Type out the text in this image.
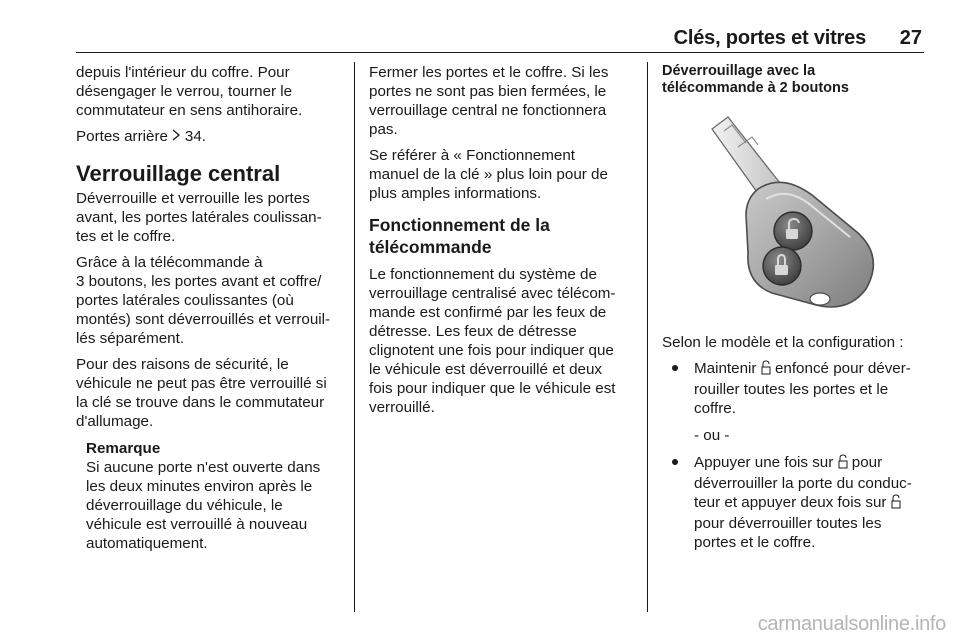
Clés, portes et vitres 27
depuis l'intérieur du coffre. Pour
désengager le verrou, tourner le
commutateur en sens antihoraire.
Portes arrière 34.
Verrouillage central
Déverrouille et verrouille les portes
avant, les portes latérales coulissan-
tes et le coffre.
Grâce à la télécommande à
3 boutons, les portes avant et coffre/
portes latérales coulissantes (où
montés) sont déverrouillés et verrouil-
lés séparément.
Pour des raisons de sécurité, le
véhicule ne peut pas être verrouillé si
la clé se trouve dans le commutateur
d'allumage.
Remarque
Si aucune porte n'est ouverte dans
les deux minutes environ après le
déverrouillage du véhicule, le
véhicule est verrouillé à nouveau
automatiquement.
Fermer les portes et le coffre. Si les
portes ne sont pas bien fermées, le
verrouillage central ne fonctionnera
pas.
Se référer à « Fonctionnement
manuel de la clé » plus loin pour de
plus amples informations.
Fonctionnement de la
télécommande
Le fonctionnement du système de
verrouillage centralisé avec télécom-
mande est confirmé par les feux de
détresse. Les feux de détresse
clignotent une fois pour indiquer que
le véhicule est déverrouillé et deux
fois pour indiquer que le véhicule est
verrouillé.
Déverrouillage avec la
télécommande à 2 boutons
Selon le modèle et la configuration :
Maintenir enfoncé pour déver-
rouiller toutes les portes et le
coffre.
- ou -
Appuyer une fois sur pour
déverrouiller la porte du conduc-
teur et appuyer deux fois sur
pour déverrouiller toutes les
portes et le coffre.
carmanualsonline.info
